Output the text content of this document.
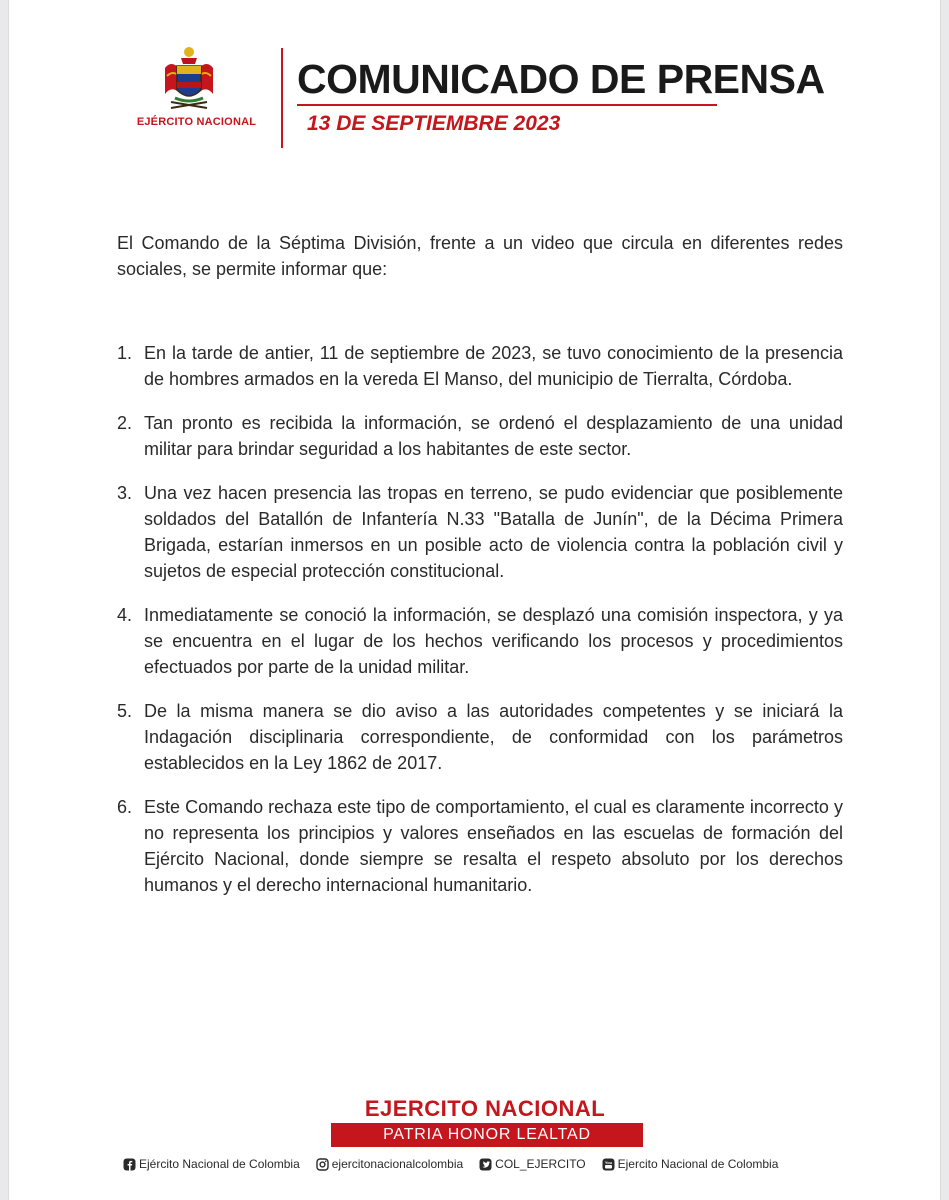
EJÉRCITO NACIONAL
COMUNICADO DE PRENSA
13 DE SEPTIEMBRE 2023

El Comando de la Séptima División, frente a un video que circula en diferentes redes sociales, se permite informar que:

1. En la tarde de antier, 11 de septiembre de 2023, se tuvo conocimiento de la presencia de hombres armados en la vereda El Manso, del municipio de Tierralta, Córdoba.
2. Tan pronto es recibida la información, se ordenó el desplazamiento de una unidad militar para brindar seguridad a los habitantes de este sector.
3. Una vez hacen presencia las tropas en terreno, se pudo evidenciar que posiblemente soldados del Batallón de Infantería N.33 "Batalla de Junín", de la Décima Primera Brigada, estarían inmersos en un posible acto de violencia contra la población civil y sujetos de especial protección constitucional.
4. Inmediatamente se conoció la información, se desplazó una comisión inspectora, y ya se encuentra en el lugar de los hechos verificando los procesos y procedimientos efectuados por parte de la unidad militar.
5. De la misma manera se dio aviso a las autoridades competentes y se iniciará la Indagación disciplinaria correspondiente, de conformidad con los parámetros establecidos en la Ley 1862 de 2017.
6. Este Comando rechaza este tipo de comportamiento, el cual es claramente incorrecto y no representa los principios y valores enseñados en las escuelas de formación del Ejército Nacional, donde siempre se resalta el respeto absoluto por los derechos humanos y el derecho internacional humanitario.
EJERCITO NACIONAL
PATRIA HONOR LEALTAD
Ejército Nacional de Colombia	ejercitonacionalcolombia	COL_EJERCITO	You Ejercito Nacional de Colombia
